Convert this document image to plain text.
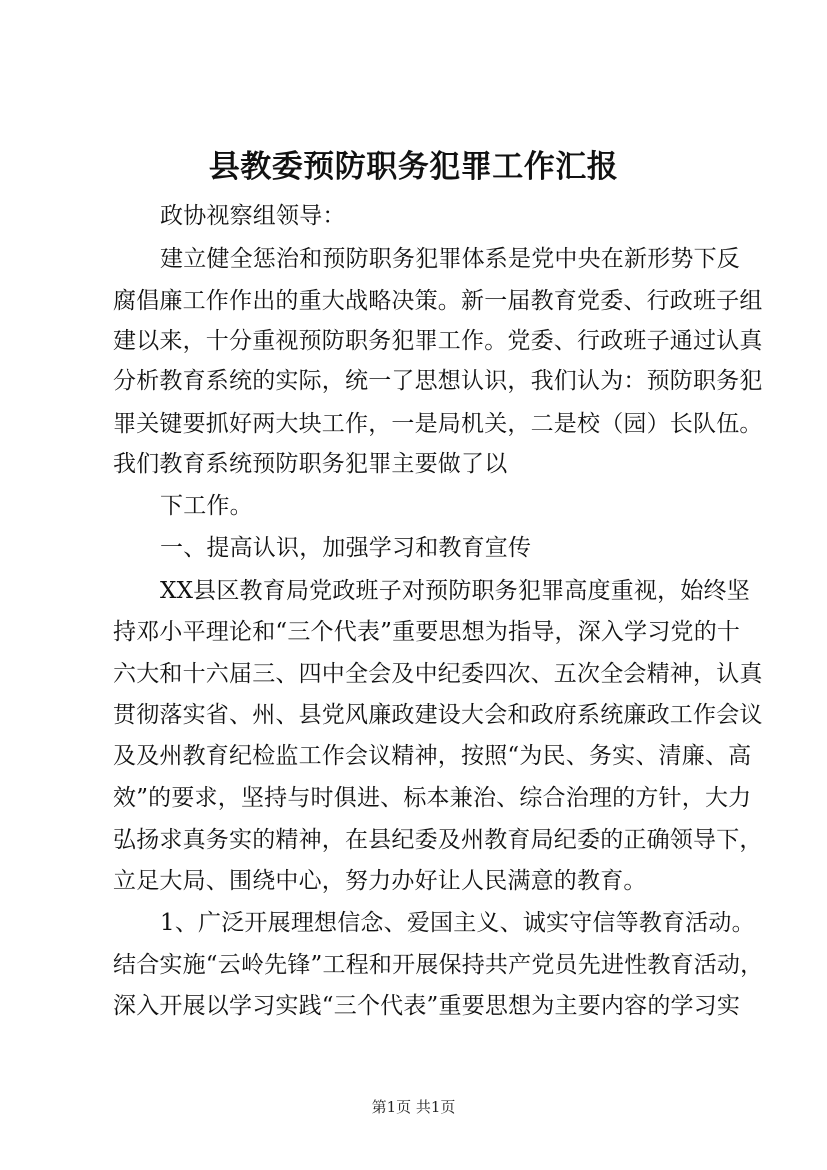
县教委预防职务犯罪工作汇报
政协视察组领导：
建立健全惩治和预防职务犯罪体系是党中央在新形势下反
腐倡廉工作作出的重大战略决策。新一届教育党委、行政班子组
建以来，十分重视预防职务犯罪工作。党委、行政班子通过认真
分析教育系统的实际，统一了思想认识，我们认为：预防职务犯
罪关键要抓好两大块工作，一是局机关，二是校（园）长队伍。
我们教育系统预防职务犯罪主要做了以
下工作。
一、提高认识，加强学习和教育宣传
XX县区教育局党政班子对预防职务犯罪高度重视，始终坚
持邓小平理论和“三个代表”重要思想为指导，深入学习党的十
六大和十六届三、四中全会及中纪委四次、五次全会精神，认真
贯彻落实省、州、县党风廉政建设大会和政府系统廉政工作会议
及及州教育纪检监工作会议精神，按照“为民、务实、清廉、高
效”的要求，坚持与时俱进、标本兼治、综合治理的方针，大力
弘扬求真务实的精神，在县纪委及州教育局纪委的正确领导下，
立足大局、围绕中心，努力办好让人民满意的教育。
1、广泛开展理想信念、爱国主义、诚实守信等教育活动。
结合实施“云岭先锋”工程和开展保持共产党员先进性教育活动，
深入开展以学习实践“三个代表”重要思想为主要内容的学习实
第1页 共1页
